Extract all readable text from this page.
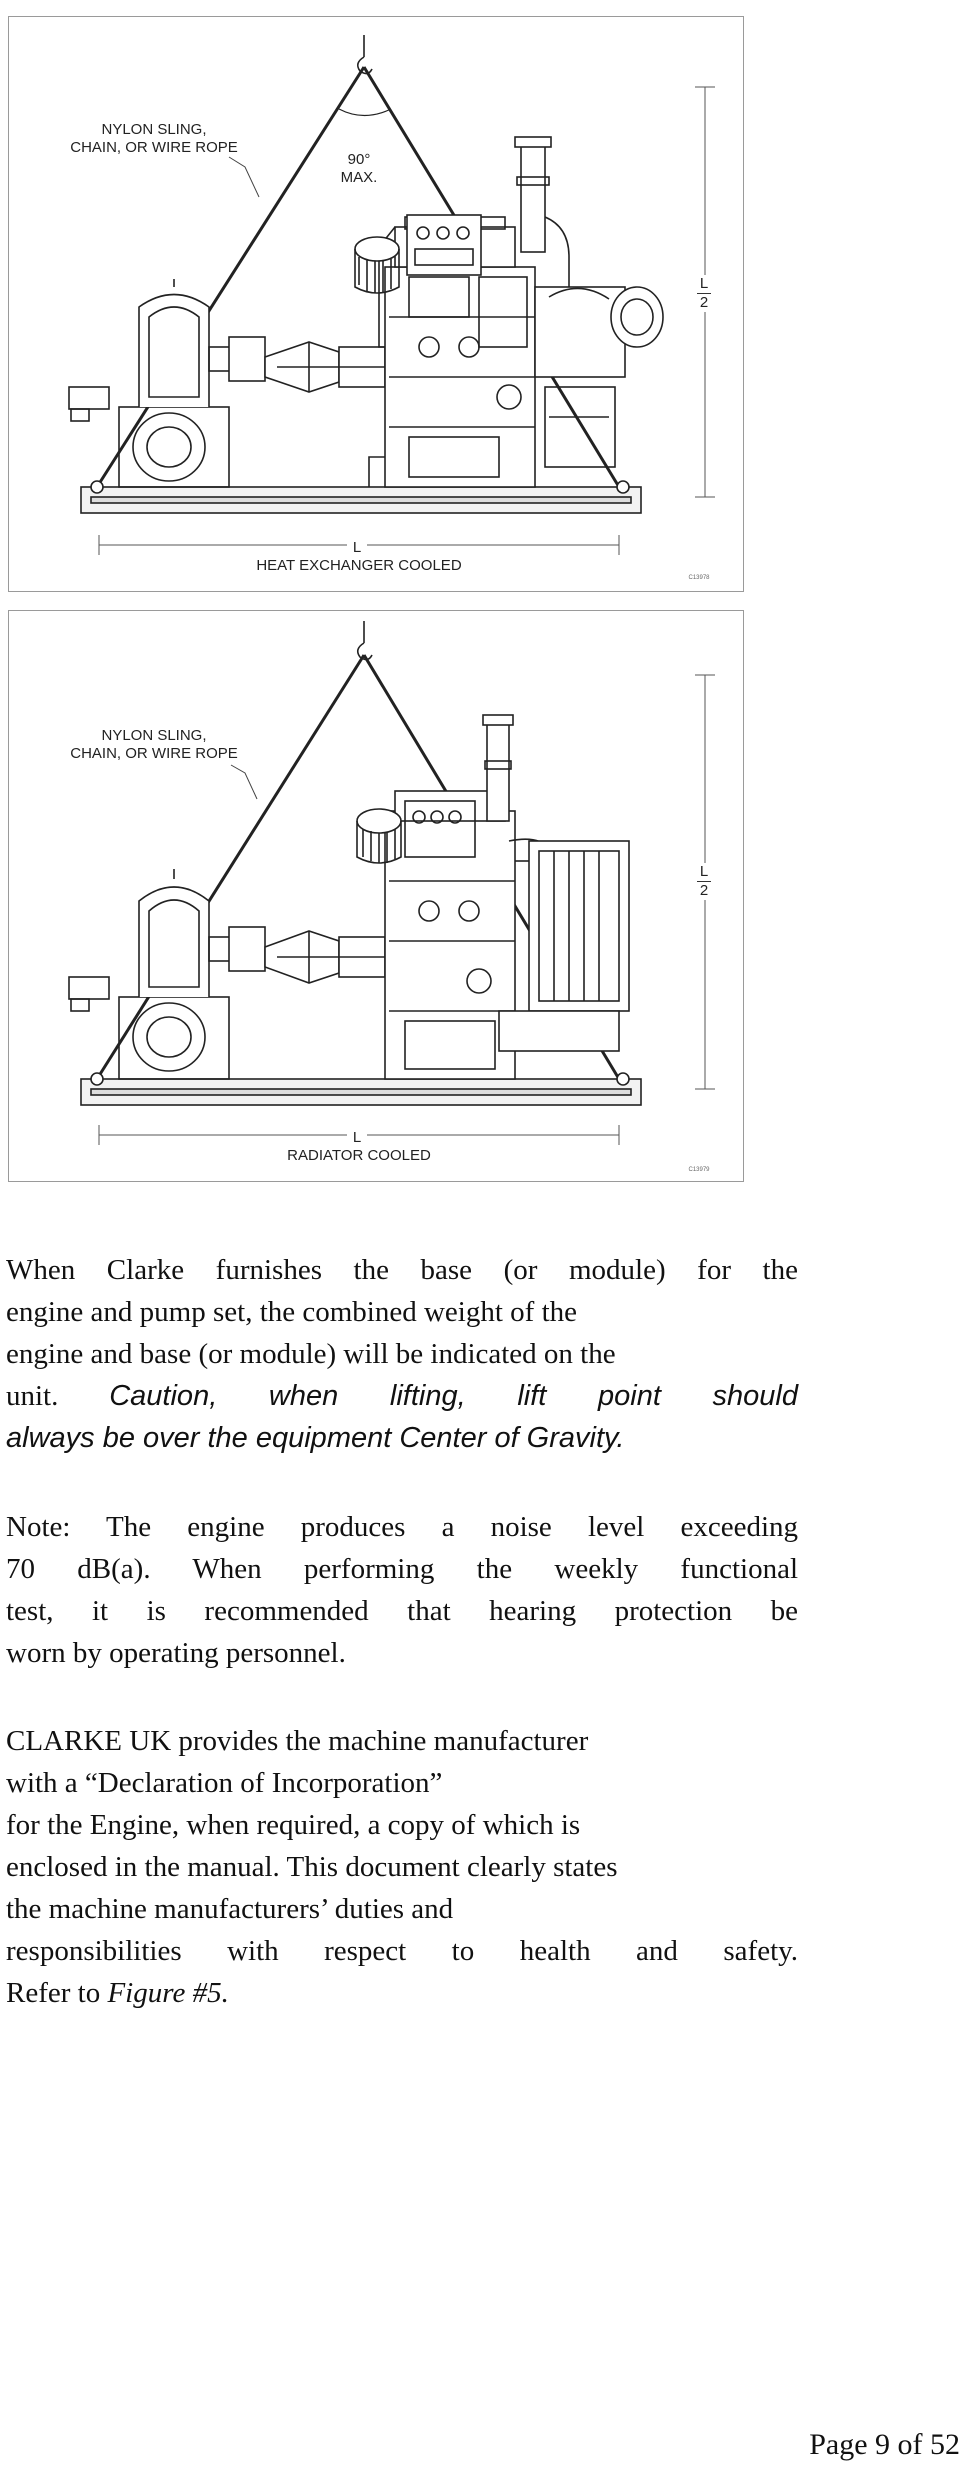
NYLON SLING,
CHAIN, OR WIRE ROPE
90°
MAX.
L
2
L
HEAT EXCHANGER COOLED
C13978
NYLON SLING,
CHAIN, OR WIRE ROPE
L
2
L
RADIATOR COOLED
C13979

When Clarke furnishes the base (or module) for the

engine and pump set, the combined weight of the

engine and base (or module) will be indicated on the

unit. Caution, when lifting, lift point should

always be over the equipment Center of Gravity.

Note: The engine produces a noise level exceeding

70 dB(a). When performing the weekly functional

test, it is recommended that hearing protection be

worn by operating personnel.

CLARKE UK provides the machine manufacturer

with a “Declaration of Incorporation”

for the Engine, when required, a copy of which is

enclosed in the manual. This document clearly states

the machine manufacturers’ duties and

responsibilities with respect to health and safety.

Refer to Figure #5.

Page 9 of 52
